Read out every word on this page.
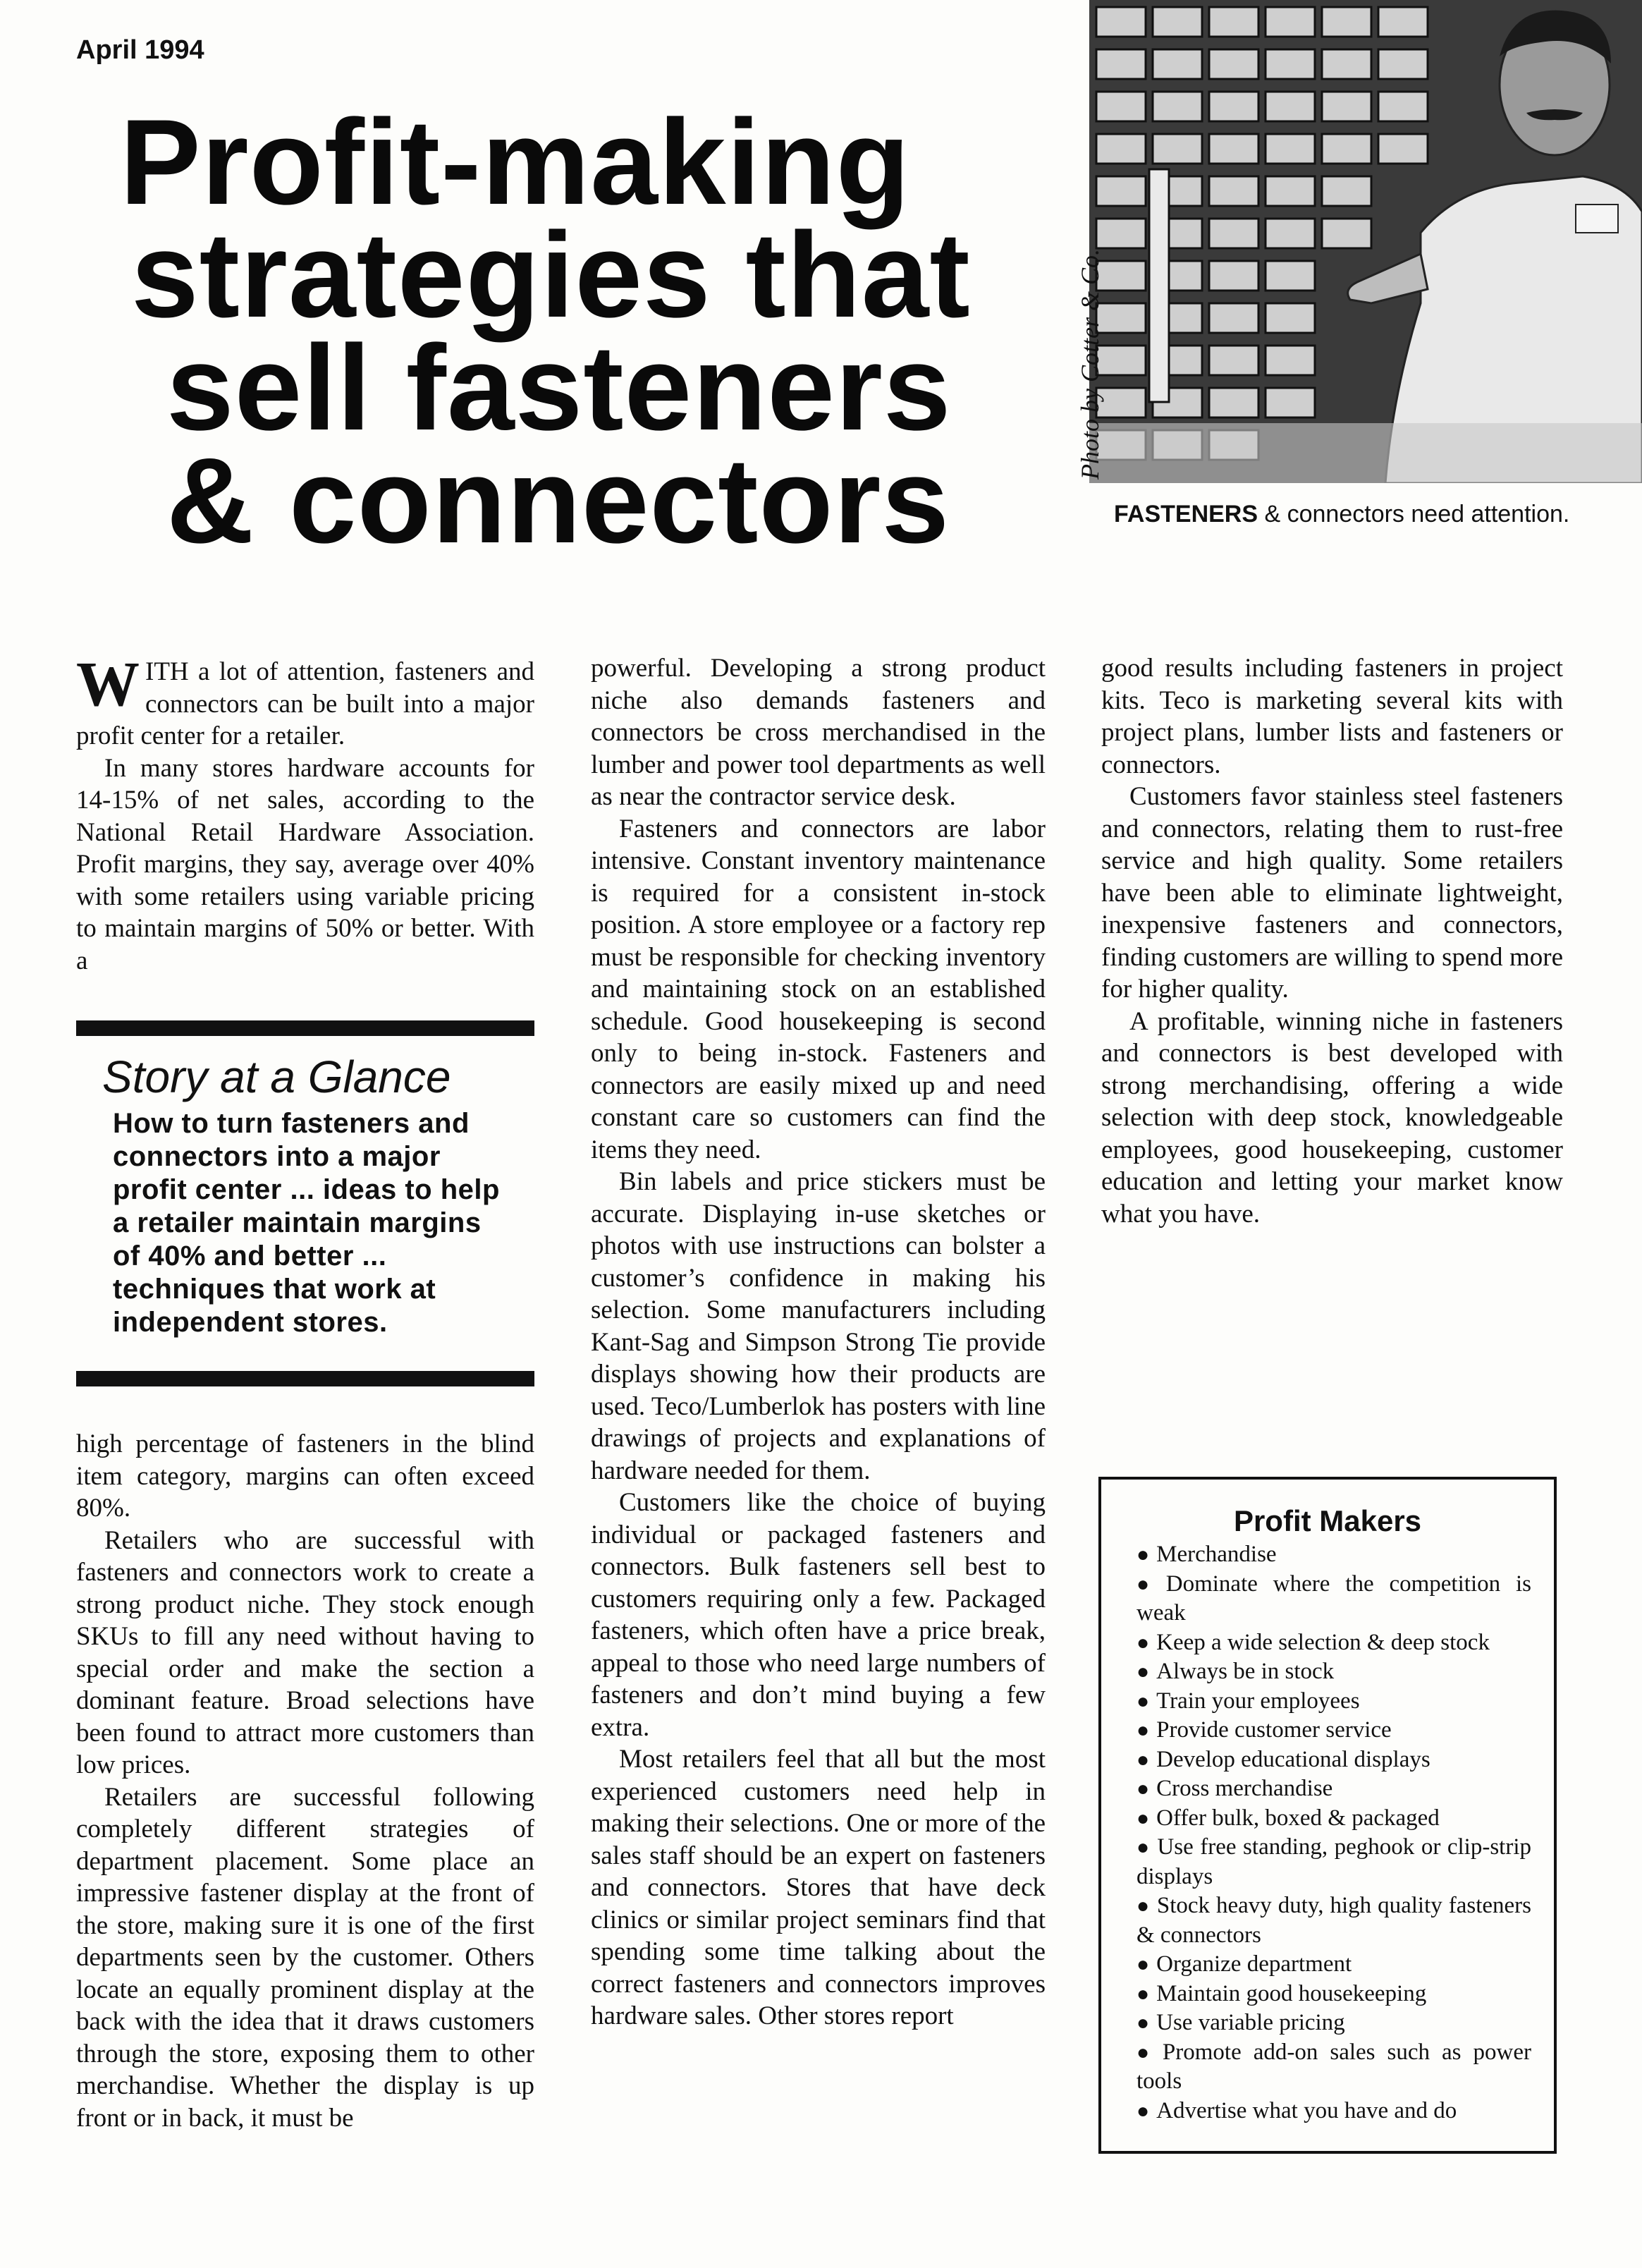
April 1994
Profit-making
strategies that
sell fasteners
& connectors
Photo by Cotter & Co.
FASTENERS & connectors need attention.

WITH a lot of attention, fasteners and connectors can be built into a major profit center for a retailer.

In many stores hardware accounts for 14-15% of net sales, according to the National Retail Hardware Association. Profit margins, they say, average over 40% with some retailers using variable pricing to maintain margins of 50% or better. With a

Story at a Glance
How to turn fasteners and connectors into a major profit center ... ideas to help a retailer maintain margins of 40% and better ... techniques that work at independent stores.

high percentage of fasteners in the blind item category, margins can often exceed 80%.

Retailers who are successful with fasteners and connectors work to create a strong product niche. They stock enough SKUs to fill any need without having to special order and make the section a dominant feature. Broad selections have been found to attract more customers than low prices.

Retailers are successful following completely different strategies of department placement. Some place an impressive fastener display at the front of the store, making sure it is one of the first departments seen by the customer. Others locate an equally prominent display at the back with the idea that it draws customers through the store, exposing them to other merchandise. Whether the display is up front or in back, it must be

powerful. Developing a strong product niche also demands fasteners and connectors be cross merchandised in the lumber and power tool departments as well as near the contractor service desk.

Fasteners and connectors are labor intensive. Constant inventory maintenance is required for a consistent in-stock position. A store employee or a factory rep must be responsible for checking inventory and maintaining stock on an established schedule. Good housekeeping is second only to being in-stock. Fasteners and connectors are easily mixed up and need constant care so customers can find the items they need.

Bin labels and price stickers must be accurate. Displaying in-use sketches or photos with use instructions can bolster a customer’s confidence in making his selection. Some manufacturers including Kant-Sag and Simpson Strong Tie provide displays showing how their products are used. Teco/Lumberlok has posters with line drawings of projects and explanations of hardware needed for them.

Customers like the choice of buying individual or packaged fasteners and connectors. Bulk fasteners sell best to customers requiring only a few. Packaged fasteners, which often have a price break, appeal to those who need large numbers of fasteners and don’t mind buying a few extra.

Most retailers feel that all but the most experienced customers need help in making their selections. One or more of the sales staff should be an expert on fasteners and connectors. Stores that have deck clinics or similar project seminars find that spending some time talking about the correct fasteners and connectors improves hardware sales. Other stores report

good results including fasteners in project kits. Teco is marketing several kits with project plans, lumber lists and fasteners or connectors.

Customers favor stainless steel fasteners and connectors, relating them to rust-free service and high quality. Some retailers have been able to eliminate lightweight, inexpensive fasteners and connectors, finding customers are willing to spend more for higher quality.

A profitable, winning niche in fasteners and connectors is best developed with strong merchandising, offering a wide selection with deep stock, knowledgeable employees, good housekeeping, customer education and letting your market know what you have.

Profit Makers
● Merchandise
● Dominate where the competition is weak
● Keep a wide selection & deep stock
● Always be in stock
● Train your employees
● Provide customer service
● Develop educational displays
● Cross merchandise
● Offer bulk, boxed & packaged
● Use free standing, peghook or clip-strip displays
● Stock heavy duty, high quality fasteners & connectors
● Organize department
● Maintain good housekeeping
● Use variable pricing
● Promote add-on sales such as power tools
● Advertise what you have and do
